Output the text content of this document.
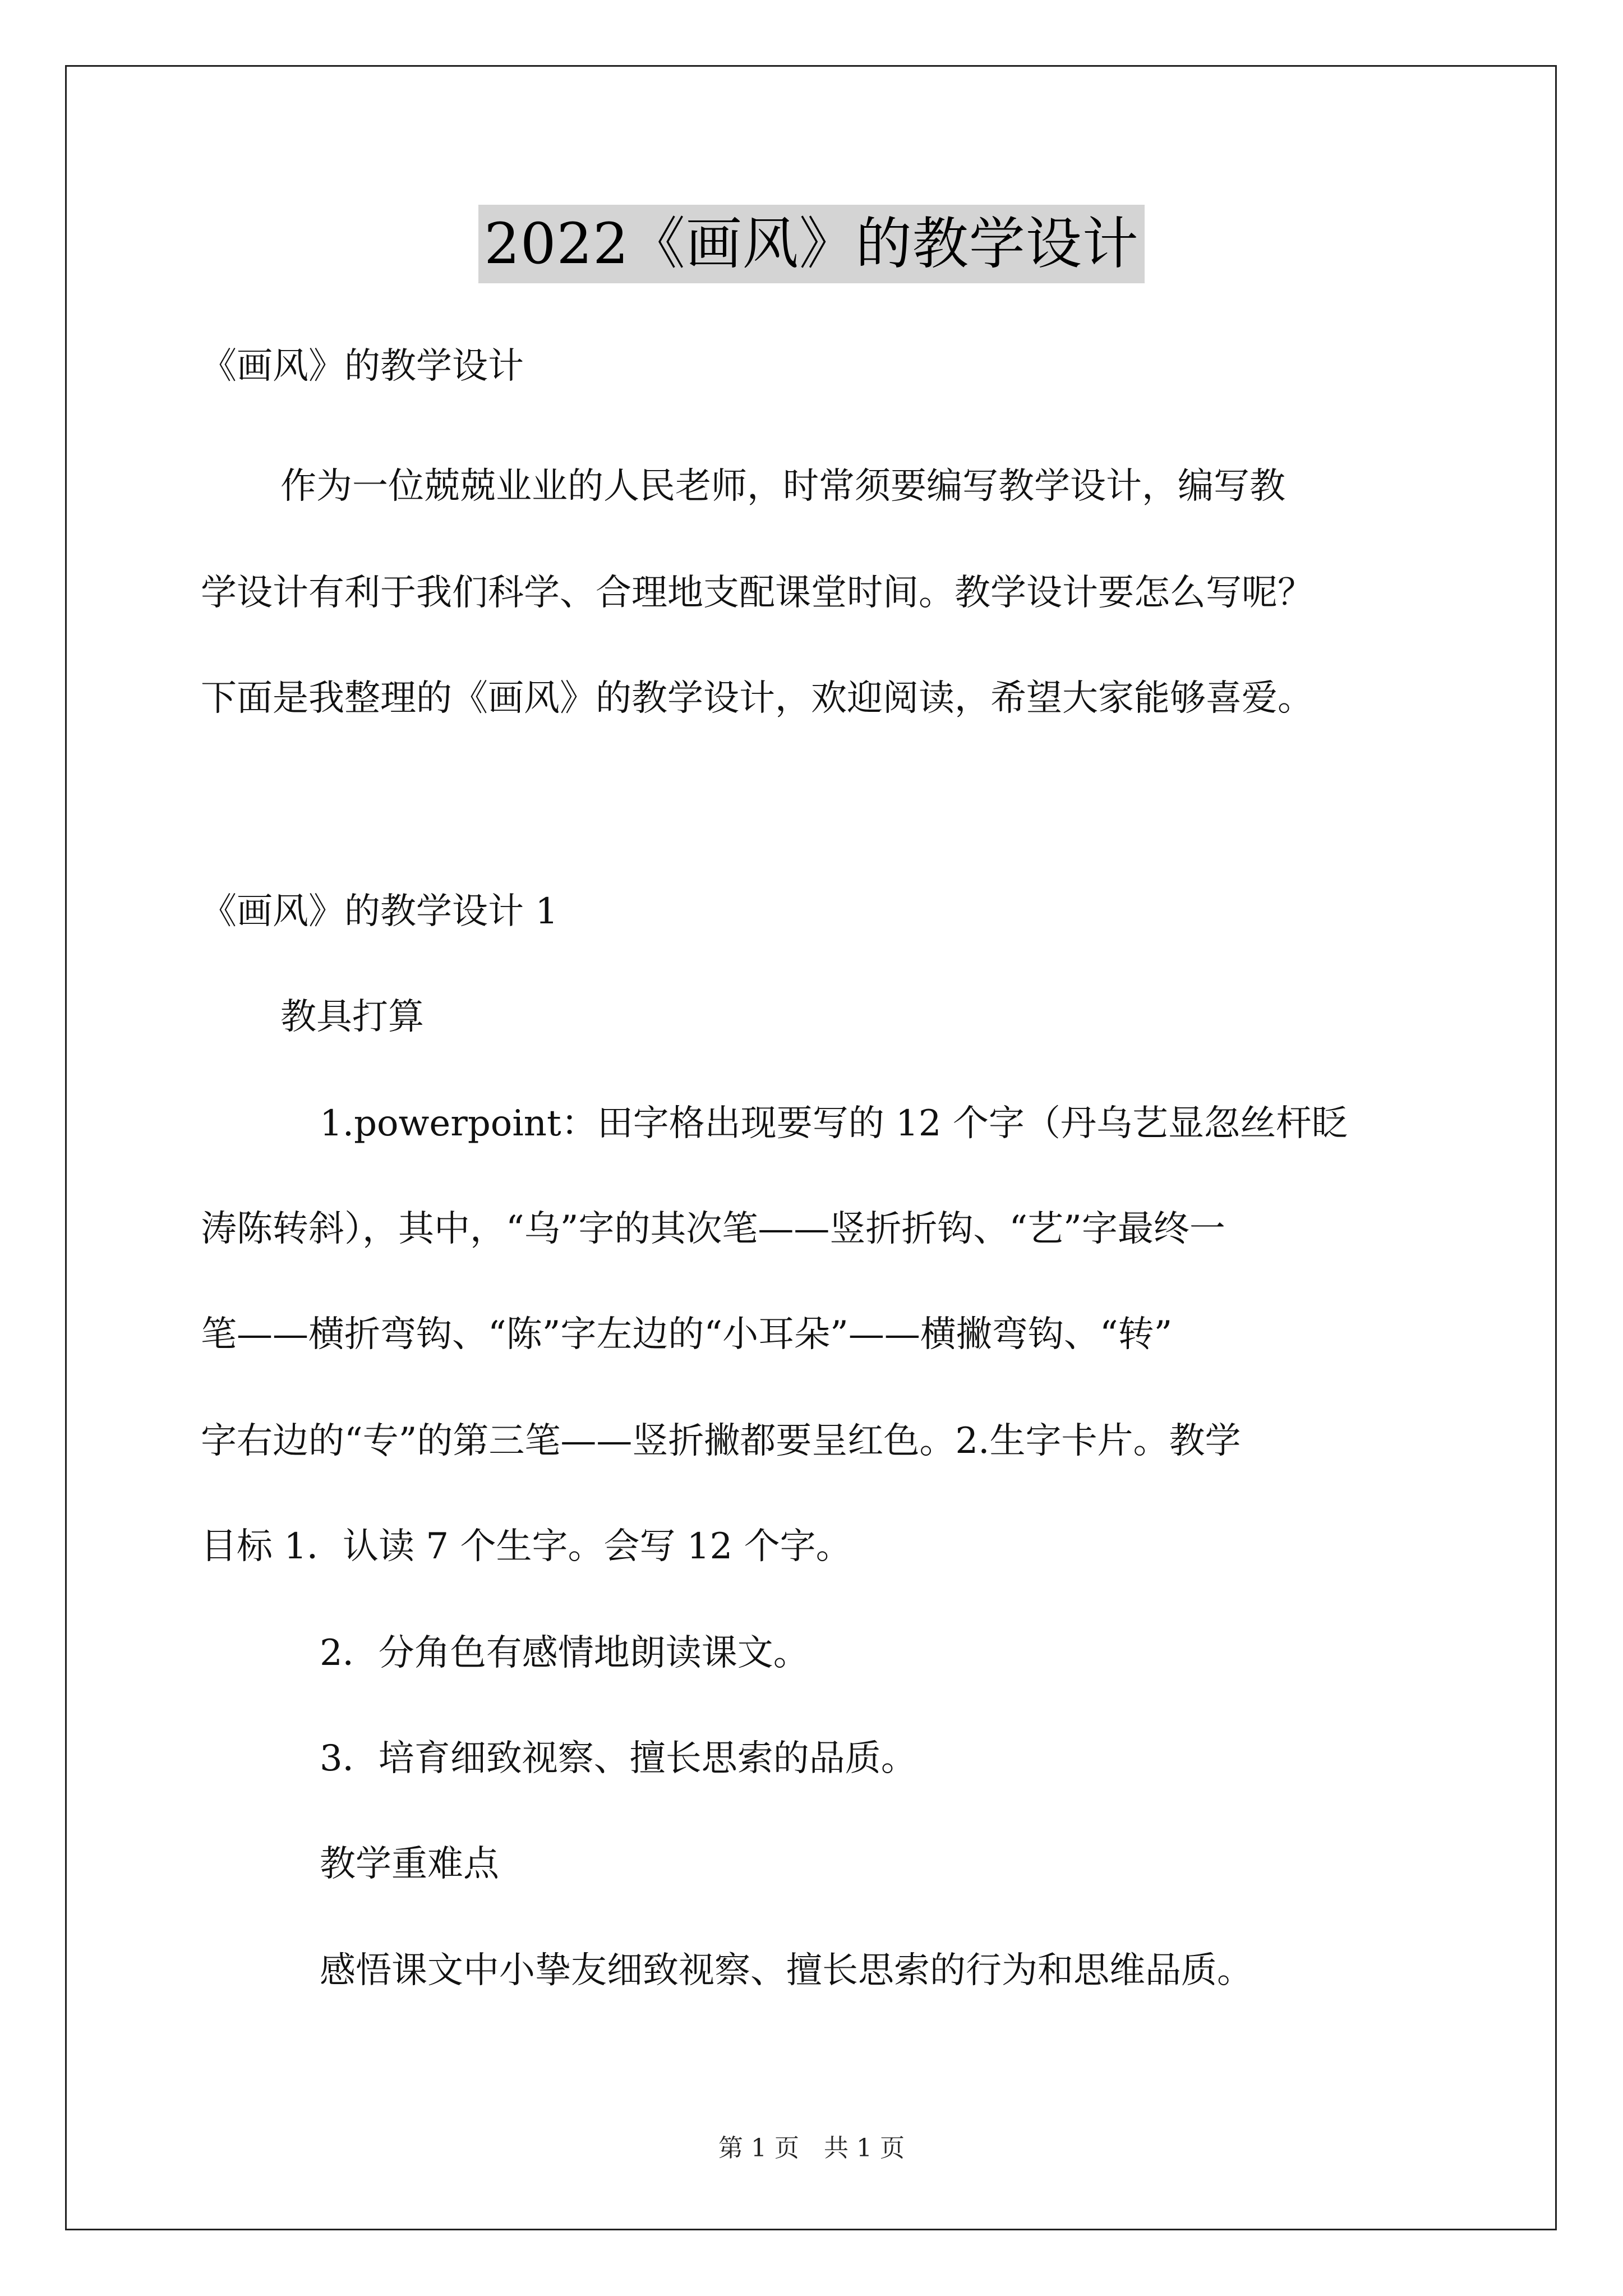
2022《画风》的教学设计
《画风》的教学设计
作为一位兢兢业业的人民老师，时常须要编写教学设计，编写教
学设计有利于我们科学、合理地支配课堂时间。教学设计要怎么写呢？
下面是我整理的《画风》的教学设计，欢迎阅读，希望大家能够喜爱。
《画风》的教学设计 1
教具打算
1.powerpoint：田字格出现要写的 12 个字（丹乌艺显忽丝杆眨
涛陈转斜），其中，“乌”字的其次笔——竖折折钩、“艺”字最终一
笔——横折弯钩、“陈”字左边的“小耳朵”——横撇弯钩、“转”
字右边的“专”的第三笔——竖折撇都要呈红色。2.生字卡片。教学
目标 1．认读 7 个生字。会写 12 个字。
2．分角色有感情地朗读课文。
3．培育细致视察、擅长思索的品质。
教学重难点
感悟课文中小挚友细致视察、擅长思索的行为和思维品质。
第 1 页　共 1 页
